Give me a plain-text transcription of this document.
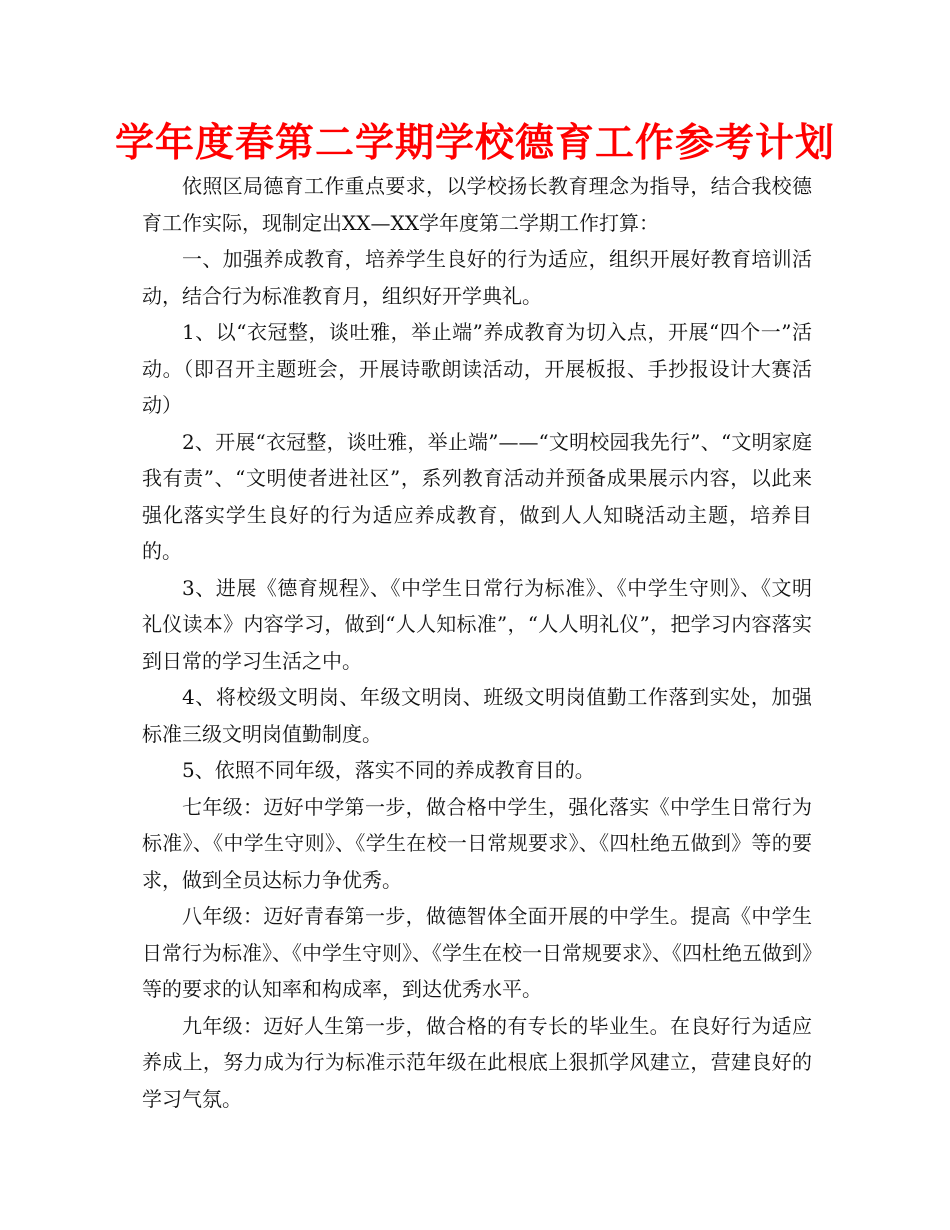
学年度春第二学期学校德育工作参考计划

依照区局德育工作重点要求，以学校扬长教育理念为指导，结合我校德育工作实际，现制定出XX—XX学年度第二学期工作打算：

一、加强养成教育，培养学生良好的行为适应，组织开展好教育培训活动，结合行为标准教育月，组织好开学典礼。

1、以“衣冠整，谈吐雅，举止端”养成教育为切入点，开展“四个一”活动。（即召开主题班会，开展诗歌朗读活动，开展板报、手抄报设计大赛活动）

2、开展“衣冠整，谈吐雅，举止端”——“文明校园我先行”、“文明家庭我有责”、“文明使者进社区”，系列教育活动并预备成果展示内容，以此来强化落实学生良好的行为适应养成教育，做到人人知晓活动主题，培养目的。

3、进展《德育规程》、《中学生日常行为标准》、《中学生守则》、《文明礼仪读本》内容学习，做到“人人知标准”，“人人明礼仪”，把学习内容落实到日常的学习生活之中。

4、将校级文明岗、年级文明岗、班级文明岗值勤工作落到实处，加强标准三级文明岗值勤制度。

5、依照不同年级，落实不同的养成教育目的。

七年级：迈好中学第一步，做合格中学生，强化落实《中学生日常行为标准》、《中学生守则》、《学生在校一日常规要求》、《四杜绝五做到》等的要求，做到全员达标力争优秀。

八年级：迈好青春第一步，做德智体全面开展的中学生。提高《中学生日常行为标准》、《中学生守则》、《学生在校一日常规要求》、《四杜绝五做到》等的要求的认知率和构成率，到达优秀水平。

九年级：迈好人生第一步，做合格的有专长的毕业生。在良好行为适应养成上，努力成为行为标准示范年级在此根底上狠抓学风建立，营建良好的学习气氛。
